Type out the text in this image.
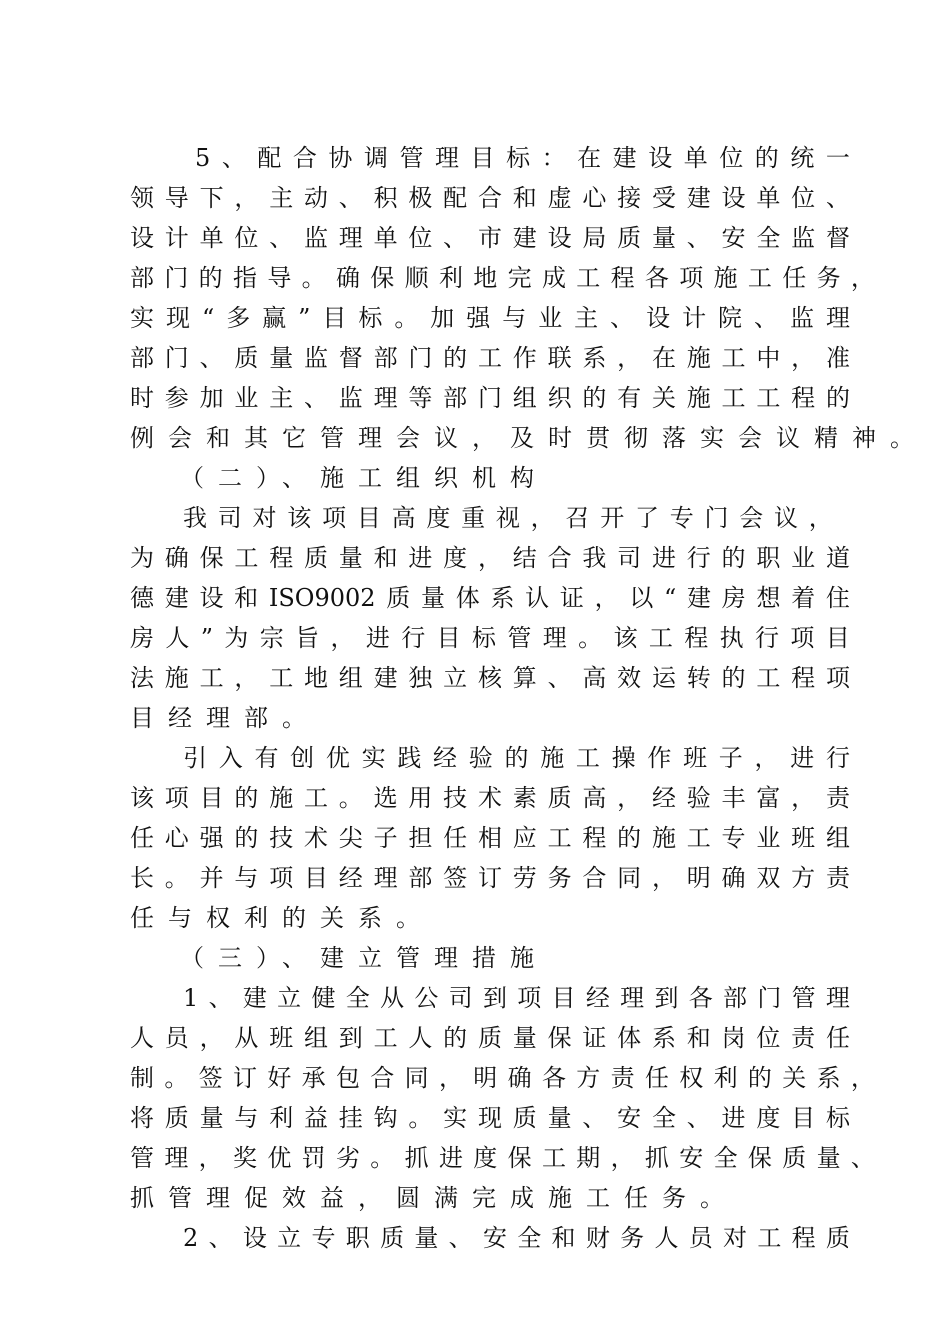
5 、 配 合 协 调 管 理 目 标 ： 在 建 设 单 位 的 统 一
领 导 下 ， 主 动 、 积 极 配 合 和 虚 心 接 受 建 设 单 位 、
设 计 单 位 、 监 理 单 位 、 市 建 设 局 质 量 、 安 全 监 督
部 门 的 指 导 。 确 保 顺 利 地 完 成 工 程 各 项 施 工 任 务 ，
实 现 “ 多 赢 ” 目 标 。 加 强 与 业 主 、 设 计 院 、 监 理
部 门 、 质 量 监 督 部 门 的 工 作 联 系 ， 在 施 工 中 ， 准
时 参 加 业 主 、 监 理 等 部 门 组 织 的 有 关 施 工 工 程 的
例会和其它管理会议，及时贯彻落实会议精神。
（二）、施工组织机构
我 司 对 该 项 目 高 度 重 视 ， 召 开 了 专 门 会 议 ，
为 确 保 工 程 质 量 和 进 度 ， 结 合 我 司 进 行 的 职 业 道
德 建 设 和 ISO9002 质 量 体 系 认 证 ， 以 “ 建 房 想 着 住
房 人 ” 为 宗 旨 ， 进 行 目 标 管 理 。 该 工 程 执 行 项 目
法 施 工 ， 工 地 组 建 独 立 核 算 、 高 效 运 转 的 工 程 项
目经理部。
引 入 有 创 优 实 践 经 验 的 施 工 操 作 班 子 ， 进 行
该 项 目 的 施 工 。 选 用 技 术 素 质 高 ， 经 验 丰 富 ， 责
任 心 强 的 技 术 尖 子 担 任 相 应 工 程 的 施 工 专 业 班 组
长 。 并 与 项 目 经 理 部 签 订 劳 务 合 同 ， 明 确 双 方 责
任与权利的关系。
（三）、建立管理措施
1 、 建 立 健 全 从 公 司 到 项 目 经 理 到 各 部 门 管 理
人 员 ， 从 班 组 到 工 人 的 质 量 保 证 体 系 和 岗 位 责 任
制 。 签 订 好 承 包 合 同 ， 明 确 各 方 责 任 权 利 的 关 系 ，
将 质 量 与 利 益 挂 钩 。 实 现 质 量 、 安 全 、 进 度 目 标
管 理 ， 奖 优 罚 劣 。 抓 进 度 保 工 期 ， 抓 安 全 保 质 量 、
抓管理促效益，圆满完成施工任务。
2 、 设 立 专 职 质 量 、 安 全 和 财 务 人 员 对 工 程 质
